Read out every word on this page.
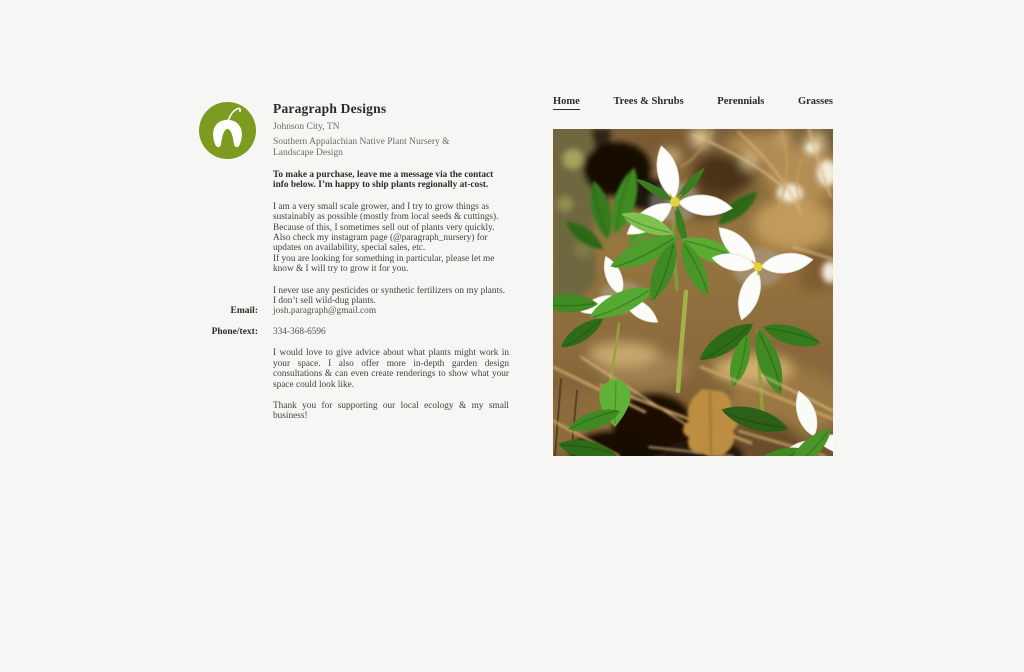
Paragraph Designs
Johnson City, TN
Southern Appalachian Native Plant Nursery & Landscape Design

To make a purchase, leave me a message via the contact info below. I’m happy to ship plants regionally at-cost.

I am a very small scale grower, and I try to grow things as sustainably as possible (mostly from local seeds & cuttings). Because of this, I sometimes sell out of plants very quickly. Also check my instagram page (@paragraph_nursery) for updates on availability, special sales, etc.

If you are looking for something in particular, please let me know & I will try to grow it for you.

I never use any pesticides or synthetic fertilizers on my plants. I don’t sell wild-dug plants.

Email: josh.paragraph@gmail.com
Phone/text: 334-368-6596

I would love to give advice about what plants might work in your space. I also offer more in-depth garden design consultations & can even create renderings to show what your space could look like.

Thank you for supporting our local ecology & my small business!

Home	Trees & Shrubs	Perennials	Grasses
